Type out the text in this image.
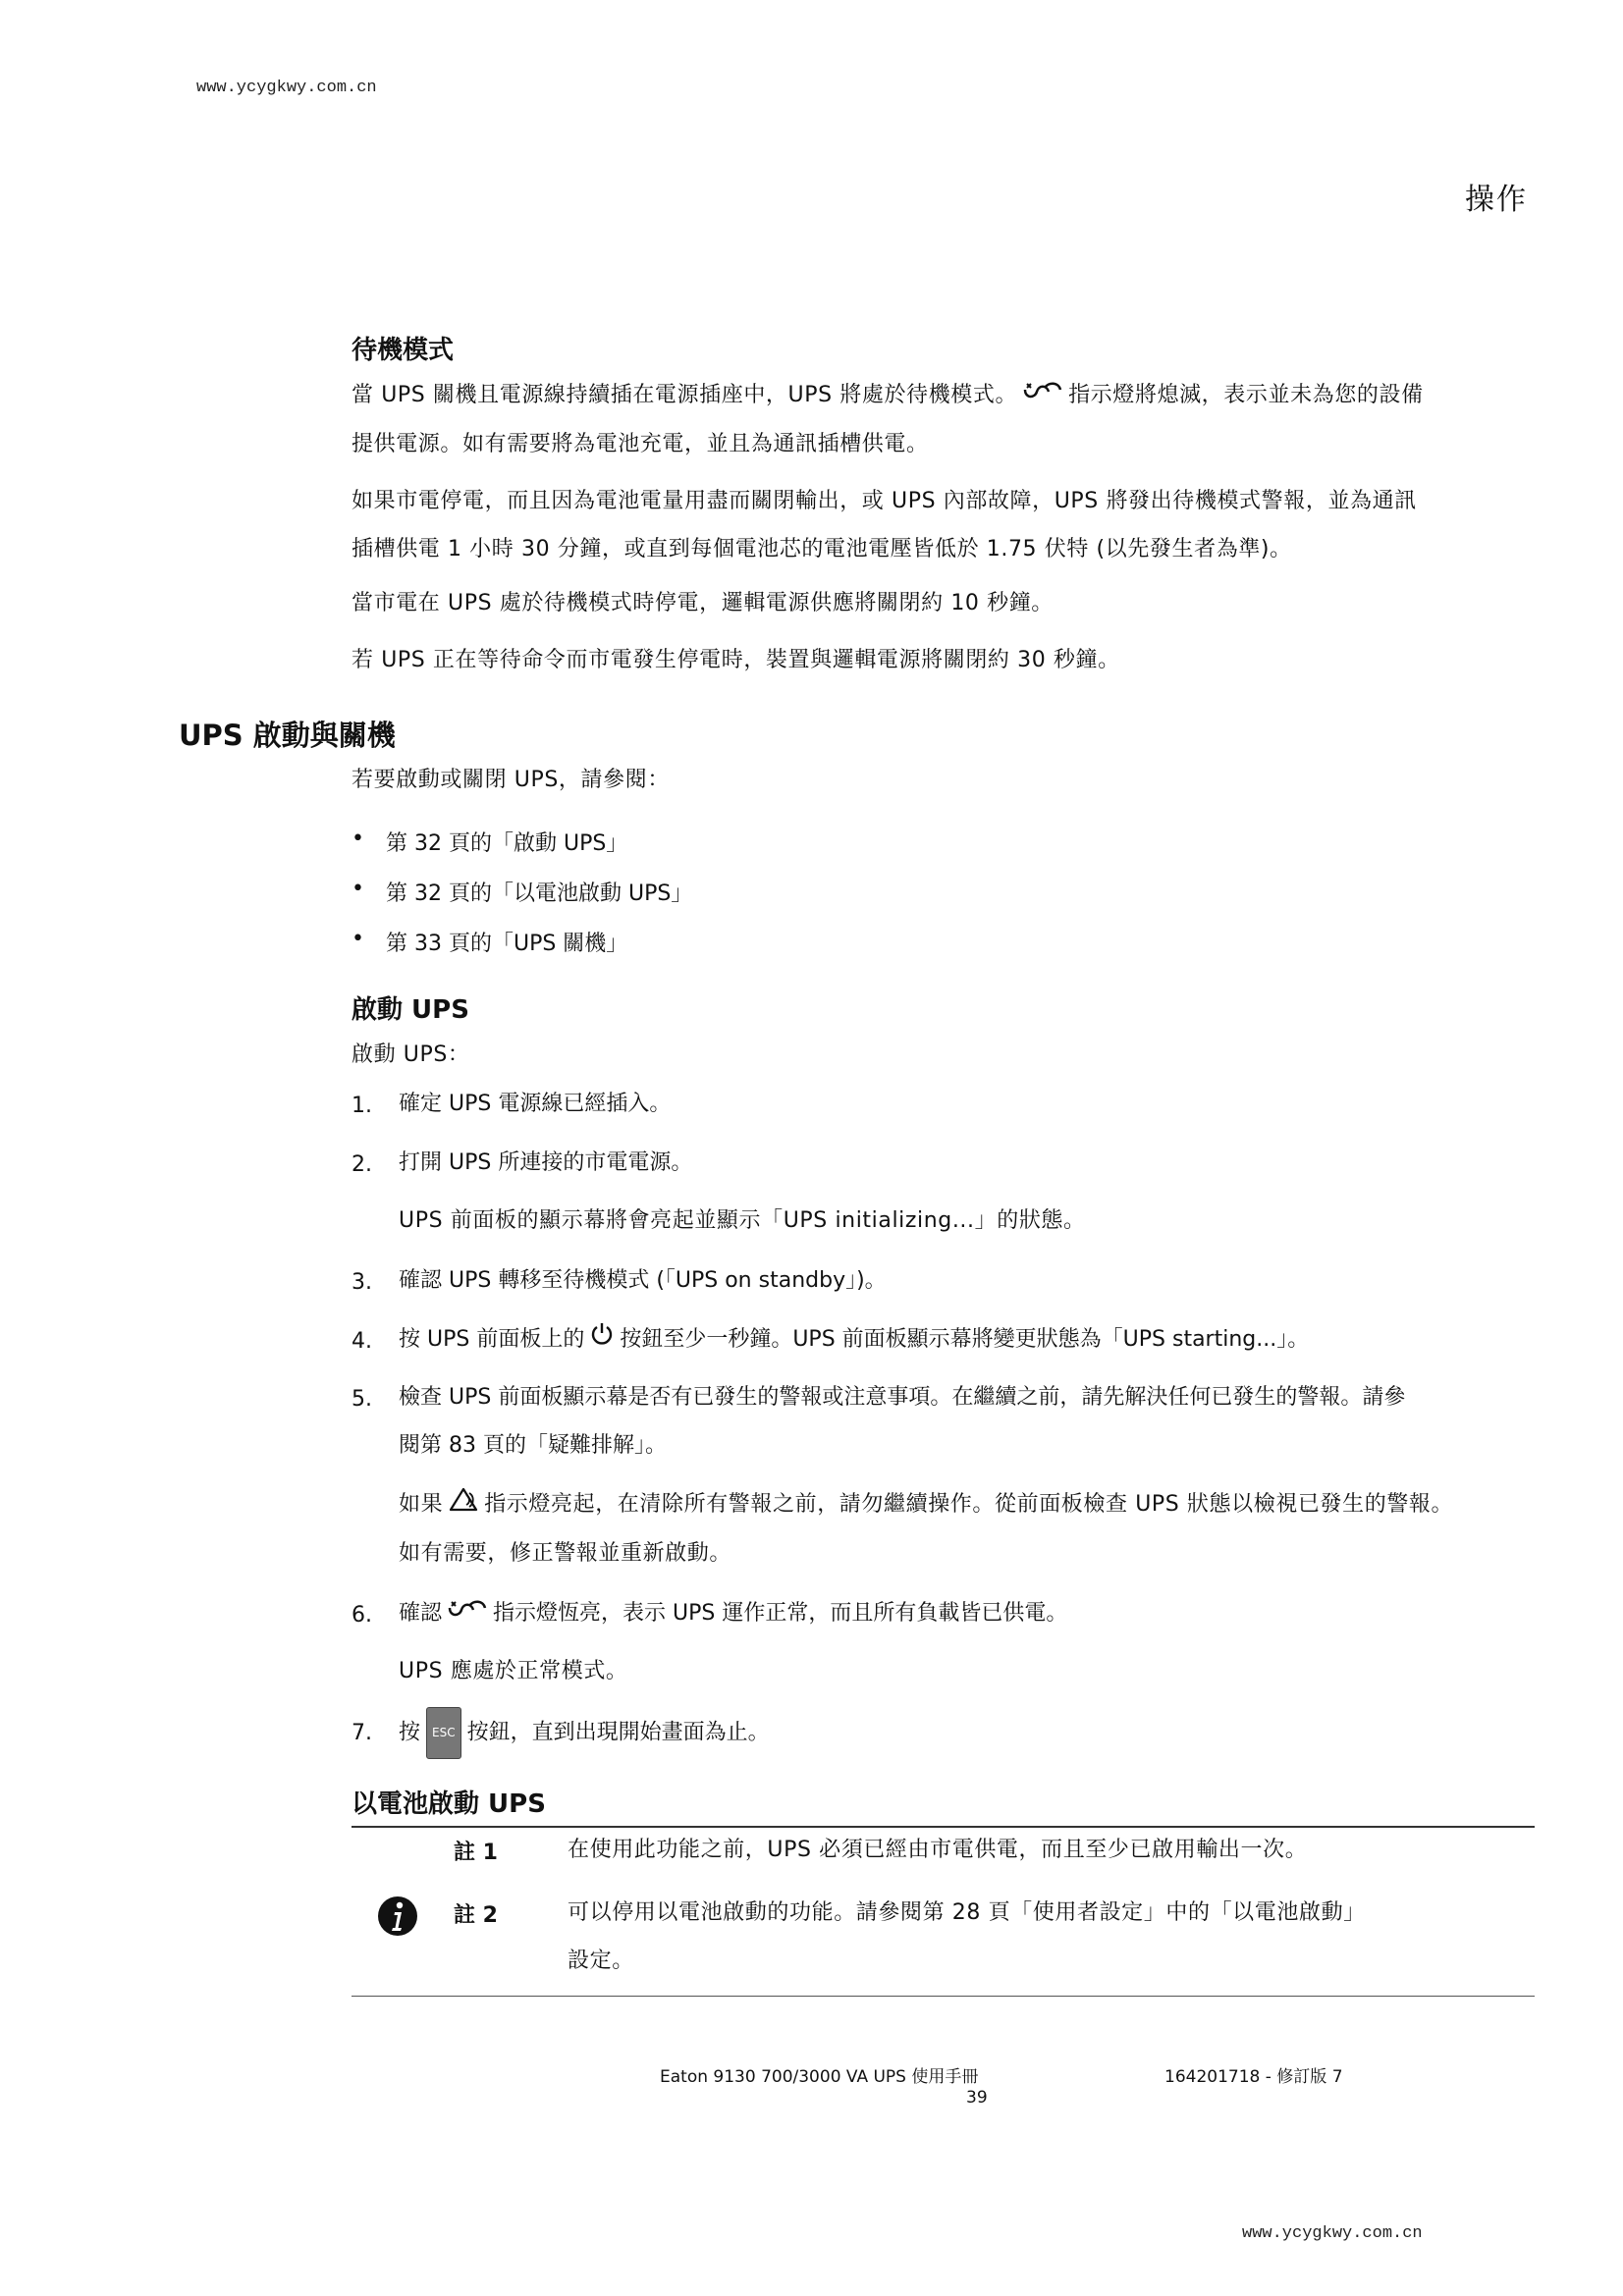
www.ycygkwy.com.cn
操作
待機模式
當 UPS 關機且電源線持續插在電源插座中，UPS 將處於待機模式。 指示燈將熄滅，表示並未為您的設備
提供電源。如有需要將為電池充電，並且為通訊插槽供電。
如果市電停電，而且因為電池電量用盡而關閉輸出，或 UPS 內部故障，UPS 將發出待機模式警報，並為通訊
插槽供電 1 小時 30 分鐘，或直到每個電池芯的電池電壓皆低於 1.75 伏特 (以先發生者為準)。
當市電在 UPS 處於待機模式時停電，邏輯電源供應將關閉約 10 秒鐘。
若 UPS 正在等待命令而市電發生停電時，裝置與邏輯電源將關閉約 30 秒鐘。
UPS 啟動與關機
若要啟動或關閉 UPS，請參閱：
• 第 32 頁的「啟動 UPS」
• 第 32 頁的「以電池啟動 UPS」
• 第 33 頁的「UPS 關機」
啟動 UPS
啟動 UPS：
1. 確定 UPS 電源線已經插入。
2. 打開 UPS 所連接的市電電源。
UPS 前面板的顯示幕將會亮起並顯示「UPS initializing...」的狀態。
3. 確認 UPS 轉移至待機模式 (「UPS on standby」)。
4. 按 UPS 前面板上的 按鈕至少一秒鐘。UPS 前面板顯示幕將變更狀態為「UPS starting...」。
5. 檢查 UPS 前面板顯示幕是否有已發生的警報或注意事項。在繼續之前，請先解決任何已發生的警報。請參
閱第 83 頁的「疑難排解」。
如果 指示燈亮起，在清除所有警報之前，請勿繼續操作。從前面板檢查 UPS 狀態以檢視已發生的警報。
如有需要，修正警報並重新啟動。
6. 確認 指示燈恆亮，表示 UPS 運作正常，而且所有負載皆已供電。
UPS 應處於正常模式。
7. 按 ESC 按鈕，直到出現開始畫面為止。
以電池啟動 UPS
註 1	在使用此功能之前，UPS 必須已經由市電供電，而且至少已啟用輸出一次。
註 2	可以停用以電池啟動的功能。請參閱第 28 頁「使用者設定」中的「以電池啟動」
設定。
Eaton 9130 700/3000 VA UPS 使用手冊	164201718 - 修訂版 7
39
www.ycygkwy.com.cn
